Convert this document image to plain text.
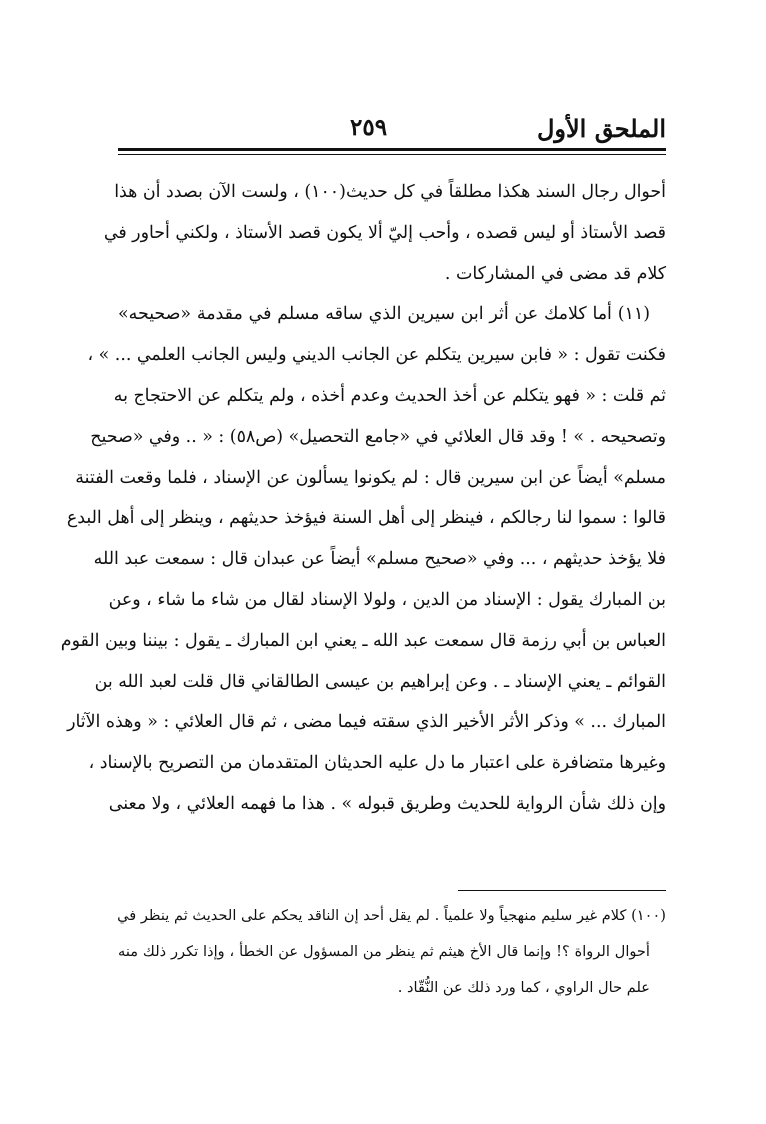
الملحق الأول
٢٥٩
أحوال رجال السند هكذا مطلقاً في كل حديث(١٠٠) ، ولست الآن بصدد أن هذا
قصد الأستاذ أو ليس قصده ، وأحب إليّ ألا يكون قصد الأستاذ ، ولكني أحاور في
كلام قد مضى في المشاركات .
(١١) أما كلامك عن أثر ابن سيرين الذي ساقه مسلم في مقدمة «صحيحه»
فكنت تقول : « فابن سيرين يتكلم عن الجانب الديني وليس الجانب العلمي ... » ،
ثم قلت : « فهو يتكلم عن أخذ الحديث وعدم أخذه ، ولم يتكلم عن الاحتجاج به
وتصحيحه . » ! وقد قال العلائي في «جامع التحصيل» (ص٥٨) : « .. وفي «صحيح
مسلم» أيضاً عن ابن سيرين قال : لم يكونوا يسألون عن الإسناد ، فلما وقعت الفتنة
قالوا : سموا لنا رجالكم ، فينظر إلى أهل السنة فيؤخذ حديثهم ، وينظر إلى أهل البدع
فلا يؤخذ حديثهم ، ... وفي «صحيح مسلم» أيضاً عن عبدان قال : سمعت عبد الله
بن المبارك يقول : الإسناد من الدين ، ولولا الإسناد لقال من شاء ما شاء ، وعن
العباس بن أبي رزمة قال سمعت عبد الله ـ يعني ابن المبارك ـ يقول : بيننا وبين القوم
القوائم ـ يعني الإسناد ـ . وعن إبراهيم بن عيسى الطالقاني قال قلت لعبد الله بن
المبارك ... » وذكر الأثر الأخير الذي سقته فيما مضى ، ثم قال العلائي : « وهذه الآثار
وغيرها متضافرة على اعتبار ما دل عليه الحديثان المتقدمان من التصريح بالإسناد ،
وإن ذلك شأن الرواية للحديث وطريق قبوله » . هذا ما فهمه العلائي ، ولا معنى
(١٠٠) كلام غير سليم منهجياً ولا علمياً . لم يقل أحد إن الناقد يحكم على الحديث ثم ينظر في
أحوال الرواة ؟! وإنما قال الأخ هيثم ثم ينظر من المسؤول عن الخطأ ، وإذا تكرر ذلك منه
علم حال الراوي ، كما ورد ذلك عن النُّقّاد .
